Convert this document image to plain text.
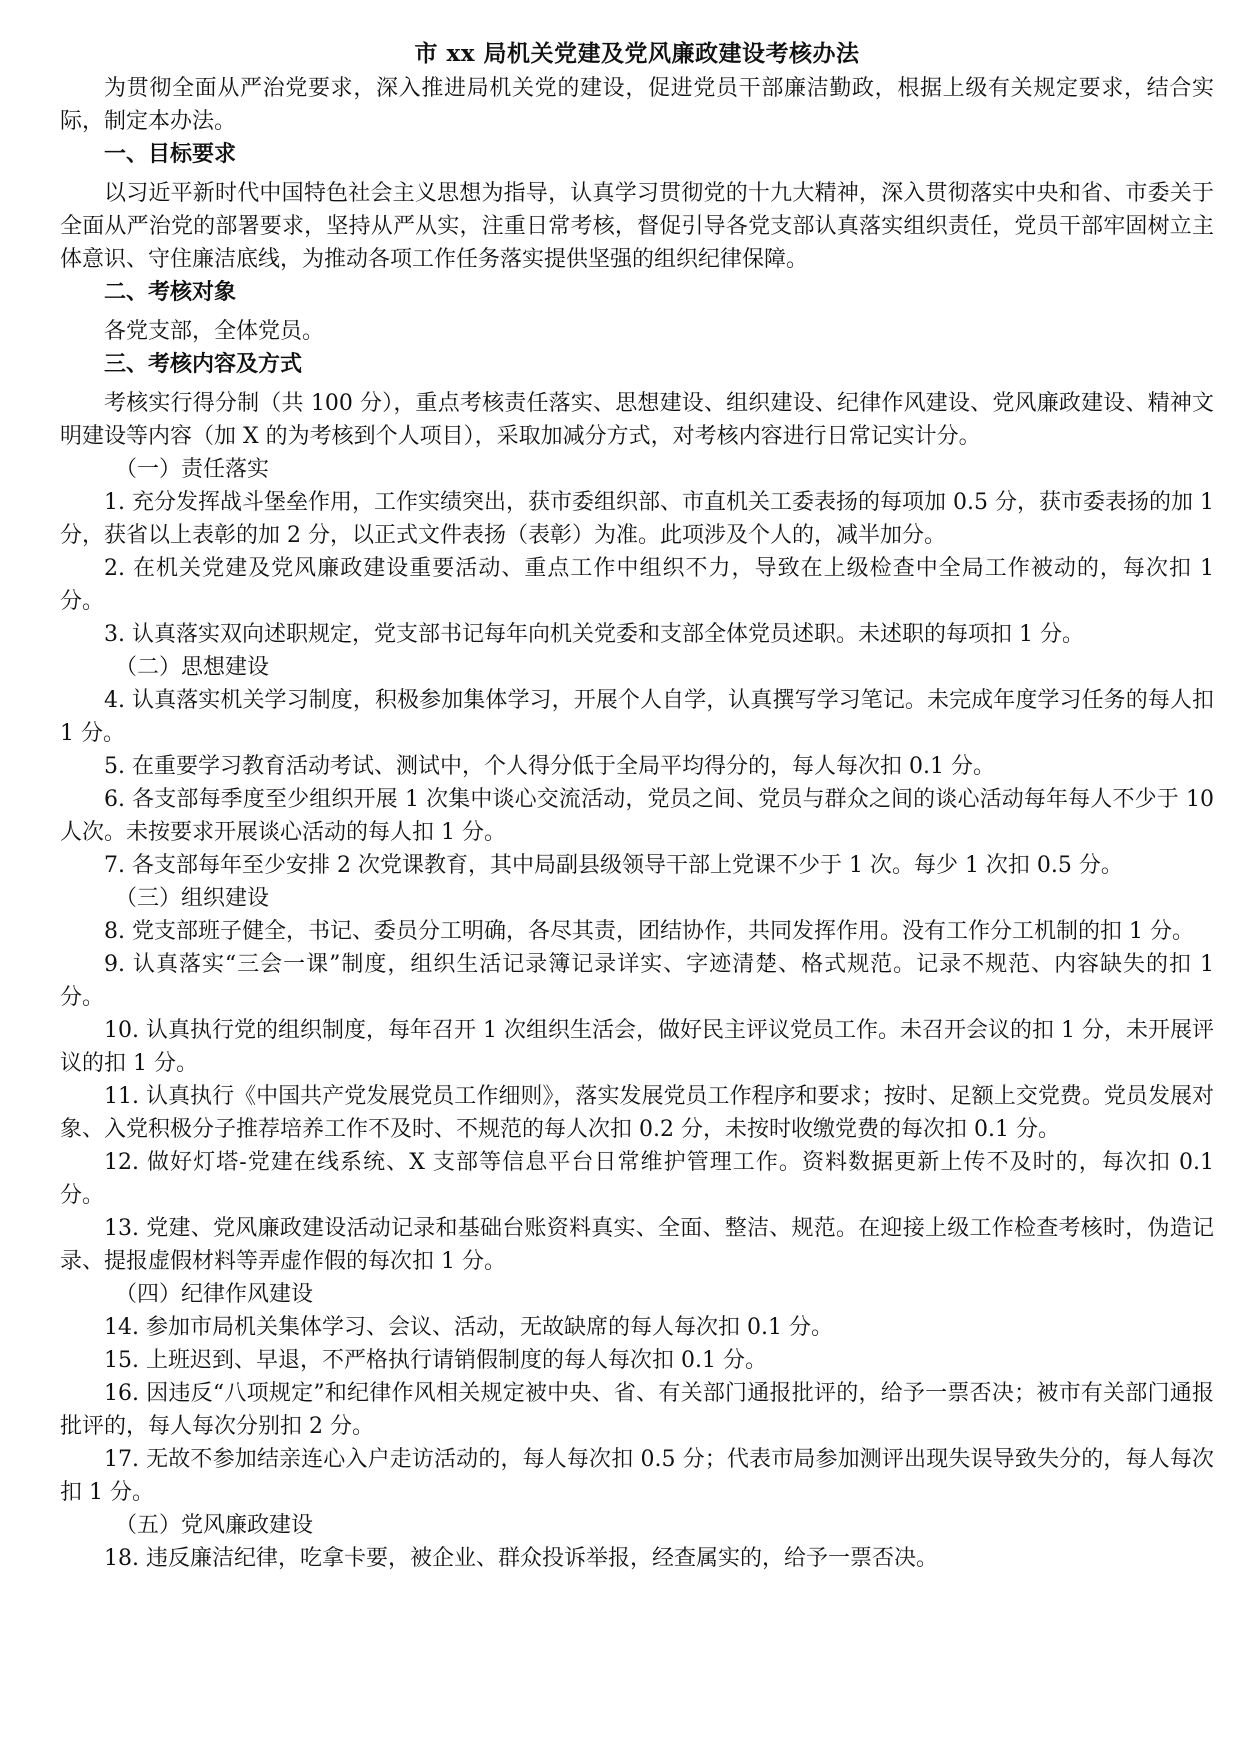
市 xx 局机关党建及党风廉政建设考核办法

为贯彻全面从严治党要求，深入推进局机关党的建设，促进党员干部廉洁勤政，根据上级有关规定要求，结合实际，制定本办法。

一、目标要求

以习近平新时代中国特色社会主义思想为指导，认真学习贯彻党的十九大精神，深入贯彻落实中央和省、市委关于全面从严治党的部署要求，坚持从严从实，注重日常考核，督促引导各党支部认真落实组织责任，党员干部牢固树立主体意识、守住廉洁底线，为推动各项工作任务落实提供坚强的组织纪律保障。

二、考核对象

各党支部，全体党员。

三、考核内容及方式

考核实行得分制（共 100 分），重点考核责任落实、思想建设、组织建设、纪律作风建设、党风廉政建设、精神文明建设等内容（加 X 的为考核到个人项目），采取加减分方式，对考核内容进行日常记实计分。

（一）责任落实

1. 充分发挥战斗堡垒作用，工作实绩突出，获市委组织部、市直机关工委表扬的每项加 0.5 分，获市委表扬的加 1 分，获省以上表彰的加 2 分，以正式文件表扬（表彰）为准。此项涉及个人的，减半加分。

2. 在机关党建及党风廉政建设重要活动、重点工作中组织不力，导致在上级检查中全局工作被动的，每次扣 1 分。

3. 认真落实双向述职规定，党支部书记每年向机关党委和支部全体党员述职。未述职的每项扣 1 分。

（二）思想建设

4. 认真落实机关学习制度，积极参加集体学习，开展个人自学，认真撰写学习笔记。未完成年度学习任务的每人扣 1 分。

5. 在重要学习教育活动考试、测试中，个人得分低于全局平均得分的，每人每次扣 0.1 分。

6. 各支部每季度至少组织开展 1 次集中谈心交流活动，党员之间、党员与群众之间的谈心活动每年每人不少于 10 人次。未按要求开展谈心活动的每人扣 1 分。

7. 各支部每年至少安排 2 次党课教育，其中局副县级领导干部上党课不少于 1 次。每少 1 次扣 0.5 分。

（三）组织建设

8. 党支部班子健全，书记、委员分工明确，各尽其责，团结协作，共同发挥作用。没有工作分工机制的扣 1 分。

9. 认真落实“三会一课”制度，组织生活记录簿记录详实、字迹清楚、格式规范。记录不规范、内容缺失的扣 1 分。

10. 认真执行党的组织制度，每年召开 1 次组织生活会，做好民主评议党员工作。未召开会议的扣 1 分，未开展评议的扣 1 分。

11. 认真执行《中国共产党发展党员工作细则》，落实发展党员工作程序和要求；按时、足额上交党费。党员发展对象、入党积极分子推荐培养工作不及时、不规范的每人次扣 0.2 分，未按时收缴党费的每次扣 0.1 分。

12. 做好灯塔-党建在线系统、X 支部等信息平台日常维护管理工作。资料数据更新上传不及时的，每次扣 0.1 分。

13. 党建、党风廉政建设活动记录和基础台账资料真实、全面、整洁、规范。在迎接上级工作检查考核时，伪造记录、提报虚假材料等弄虚作假的每次扣 1 分。

（四）纪律作风建设

14. 参加市局机关集体学习、会议、活动，无故缺席的每人每次扣 0.1 分。

15. 上班迟到、早退，不严格执行请销假制度的每人每次扣 0.1 分。

16. 因违反“八项规定”和纪律作风相关规定被中央、省、有关部门通报批评的，给予一票否决；被市有关部门通报批评的，每人每次分别扣 2 分。

17. 无故不参加结亲连心入户走访活动的，每人每次扣 0.5 分；代表市局参加测评出现失误导致失分的，每人每次扣 1 分。

（五）党风廉政建设

18. 违反廉洁纪律，吃拿卡要，被企业、群众投诉举报，经查属实的，给予一票否决。
